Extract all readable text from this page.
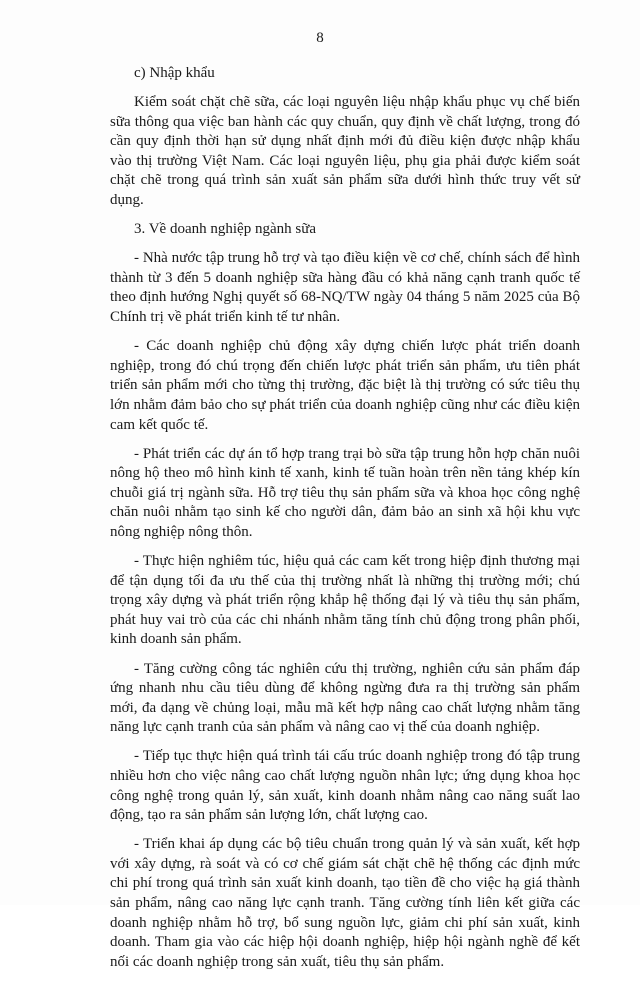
8

c) Nhập khẩu

Kiểm soát chặt chẽ sữa, các loại nguyên liệu nhập khẩu phục vụ chế biến sữa thông qua việc ban hành các quy chuẩn, quy định về chất lượng, trong đó cần quy định thời hạn sử dụng nhất định mới đủ điều kiện được nhập khẩu vào thị trường Việt Nam. Các loại nguyên liệu, phụ gia phải được kiểm soát chặt chẽ trong quá trình sản xuất sản phẩm sữa dưới hình thức truy vết sử dụng.

3. Về doanh nghiệp ngành sữa

- Nhà nước tập trung hỗ trợ và tạo điều kiện về cơ chế, chính sách để hình thành từ 3 đến 5 doanh nghiệp sữa hàng đầu có khả năng cạnh tranh quốc tế theo định hướng Nghị quyết số 68-NQ/TW ngày 04 tháng 5 năm 2025 của Bộ Chính trị về phát triển kinh tế tư nhân.

- Các doanh nghiệp chủ động xây dựng chiến lược phát triển doanh nghiệp, trong đó chú trọng đến chiến lược phát triển sản phẩm, ưu tiên phát triển sản phẩm mới cho từng thị trường, đặc biệt là thị trường có sức tiêu thụ lớn nhằm đảm bảo cho sự phát triển của doanh nghiệp cũng như các điều kiện cam kết quốc tế.

- Phát triển các dự án tổ hợp trang trại bò sữa tập trung hỗn hợp chăn nuôi nông hộ theo mô hình kinh tế xanh, kinh tế tuần hoàn trên nền tảng khép kín chuỗi giá trị ngành sữa. Hỗ trợ tiêu thụ sản phẩm sữa và khoa học công nghệ chăn nuôi nhằm tạo sinh kế cho người dân, đảm bảo an sinh xã hội khu vực nông nghiệp nông thôn.

- Thực hiện nghiêm túc, hiệu quả các cam kết trong hiệp định thương mại để tận dụng tối đa ưu thế của thị trường nhất là những thị trường mới; chú trọng xây dựng và phát triển rộng khắp hệ thống đại lý và tiêu thụ sản phẩm, phát huy vai trò của các chi nhánh nhằm tăng tính chủ động trong phân phối, kinh doanh sản phẩm.

- Tăng cường công tác nghiên cứu thị trường, nghiên cứu sản phẩm đáp ứng nhanh nhu cầu tiêu dùng để không ngừng đưa ra thị trường sản phẩm mới, đa dạng về chủng loại, mẫu mã kết hợp nâng cao chất lượng nhằm tăng năng lực cạnh tranh của sản phẩm và nâng cao vị thế của doanh nghiệp.

- Tiếp tục thực hiện quá trình tái cấu trúc doanh nghiệp trong đó tập trung nhiều hơn cho việc nâng cao chất lượng nguồn nhân lực; ứng dụng khoa học công nghệ trong quản lý, sản xuất, kinh doanh nhằm nâng cao năng suất lao động, tạo ra sản phẩm sản lượng lớn, chất lượng cao.

- Triển khai áp dụng các bộ tiêu chuẩn trong quản lý và sản xuất, kết hợp với xây dựng, rà soát và có cơ chế giám sát chặt chẽ hệ thống các định mức chi phí trong quá trình sản xuất kinh doanh, tạo tiền đề cho việc hạ giá thành sản phẩm, nâng cao năng lực cạnh tranh. Tăng cường tính liên kết giữa các doanh nghiệp nhằm hỗ trợ, bổ sung nguồn lực, giảm chi phí sản xuất, kinh doanh. Tham gia vào các hiệp hội doanh nghiệp, hiệp hội ngành nghề để kết nối các doanh nghiệp trong sản xuất, tiêu thụ sản phẩm.
